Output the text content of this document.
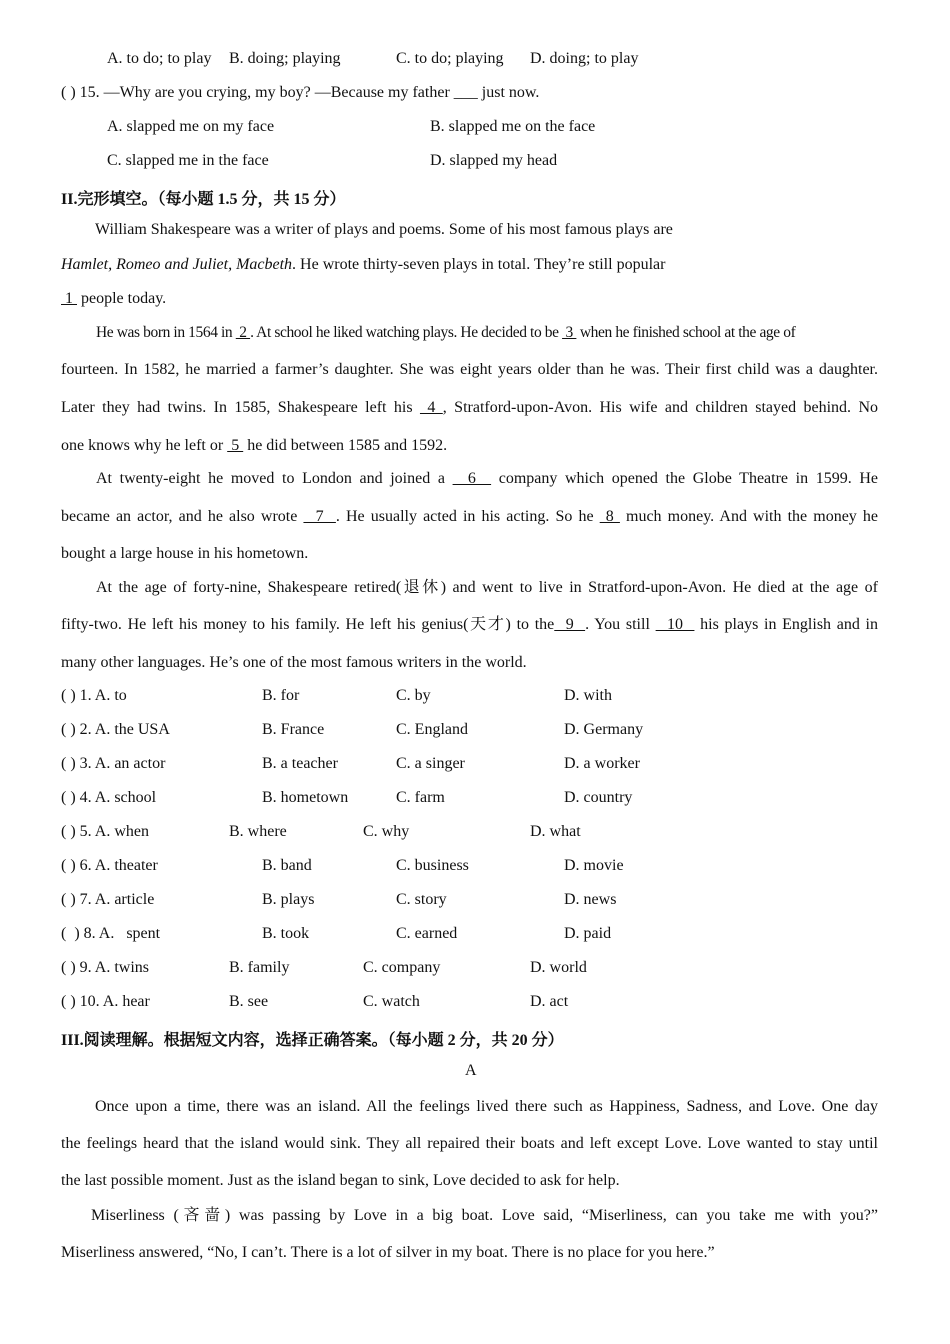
A. to do; to play B. doing; playing	C. to do; playing D. doing; to play
( ) 15. —Why are you crying, my boy? —Because my father ___ just now.
A. slapped me on my face	B. slapped me on the face
C. slapped me in the face	D. slapped my head
II.完形填空。（每小题 1.5 分，共 15 分）
William Shakespeare was a writer of plays and poems. Some of his most famous plays are
Hamlet, Romeo and Juliet, Macbeth. He wrote thirty-seven plays in total. They’re still popular
1  people today.
He was born in 1564 in  2 . At school he liked watching plays. He decided to be  3  when he finished school at the age of
fourteen. In 1582, he married a farmer’s daughter. She was eight years older than he was. Their first child was a daughter.
Later they had twins. In 1585, Shakespeare left his  4 , Stratford-upon-Avon. His wife and children stayed behind. No
one knows why he left or  5  he did between 1585 and 1592.
At twenty-eight he moved to London and joined a   6   company which opened the Globe Theatre in 1599. He
became an actor, and he also wrote   7  . He usually acted in his acting. So he  8  much money. And with the money he
bought a large house in his hometown.
At the age of forty-nine, Shakespeare retired(退休) and went to live in Stratford-upon-Avon. He died at the age of
fifty-two. He left his money to his family. He left his genius(天才) to the  9  . You still   10   his plays in English and in
many other languages. He’s one of the most famous writers in the world.
( ) 1. A. to	B. for	C. by	D. with
( ) 2. A. the USA	B. France	C. England	D. Germany
( ) 3. A. an actor	B. a teacher	C. a singer	D. a worker
( ) 4. A. school	B. hometown	C. farm	D. country
( ) 5. A. when	B. where	C. why	D. what
( ) 6. A. theater	B. band	C. business	D. movie
( ) 7. A. article	B. plays	C. story	D. news
(  ) 8. A.   spent	B. took	C. earned	D. paid
( ) 9. A. twins	B. family	C. company	D. world
( ) 10. A. hear	B. see	C. watch	D. act
III.阅读理解。根据短文内容，选择正确答案。（每小题 2 分，共 20 分）
A
Once upon a time, there was an island. All the feelings lived there such as Happiness, Sadness, and Love. One day
the feelings heard that the island would sink. They all repaired their boats and left except Love. Love wanted to stay until
the last possible moment. Just as the island began to sink, Love decided to ask for help.
Miserliness (吝啬) was passing by Love in a big boat. Love said, “Miserliness, can you take me with you?”
Miserliness answered, “No, I can’t. There is a lot of silver in my boat. There is no place for you here.”
